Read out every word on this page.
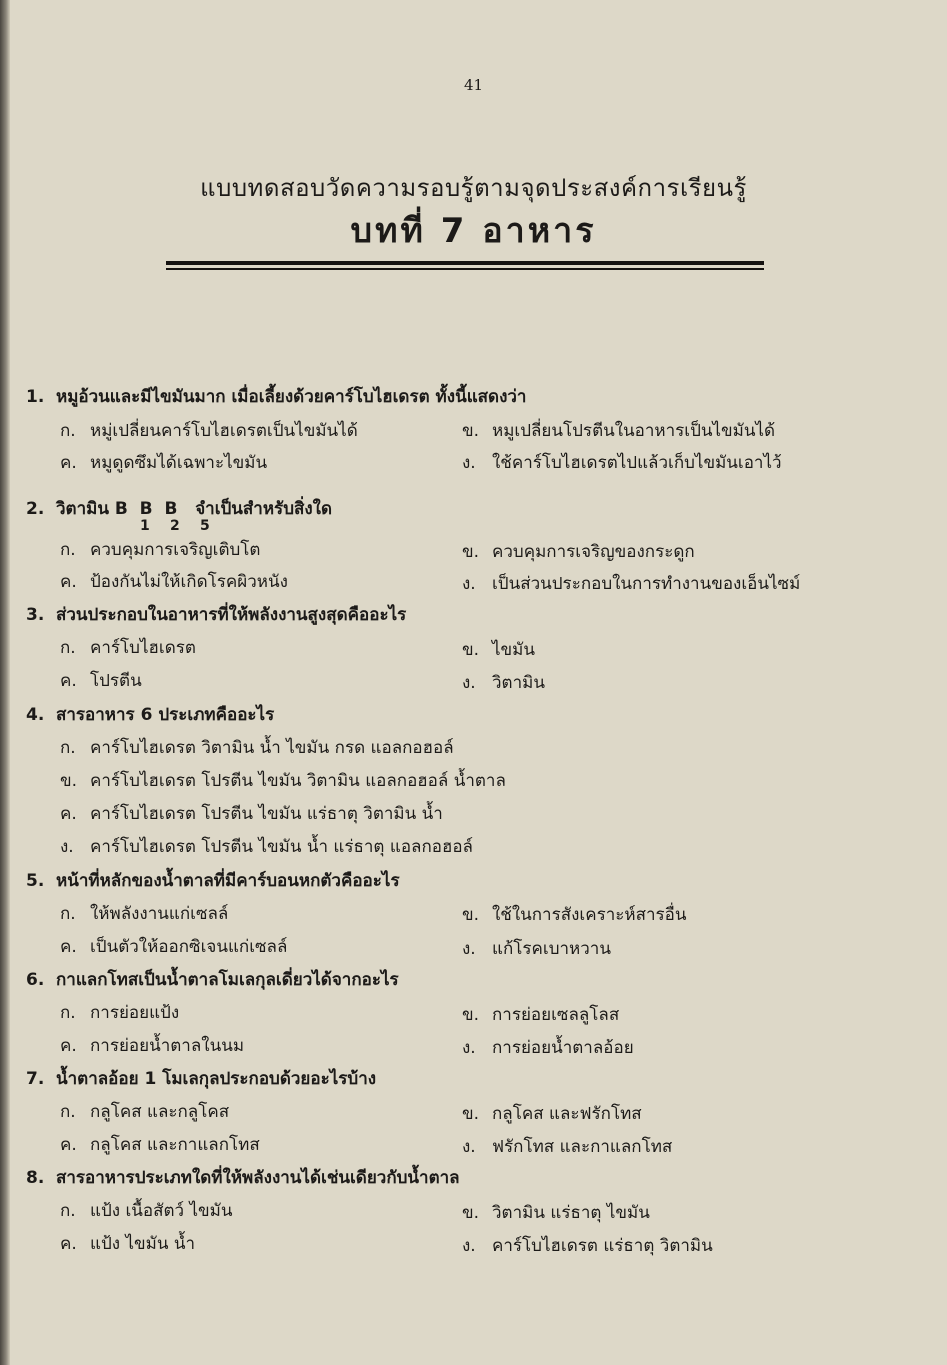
41
แบบทดสอบวัดความรอบรู้ตามจุดประสงค์การเรียนรู้
บทที่ 7 อาหาร
1. หมูอ้วนและมีไขมันมาก เมื่อเลี้ยงด้วยคาร์โบไฮเดรต ทั้งนี้แสดงว่า
ก. หมู่เปลี่ยนคาร์โบไฮเดรตเป็นไขมันได้	ข. หมูเปลี่ยนโปรตีนในอาหารเป็นไขมันได้
ค. หมูดูดซึมได้เฉพาะไขมัน	ง. ใช้คาร์โบไฮเดรตไปแล้วเก็บไขมันเอาไว้
2. วิตามิน B  B  B จำเป็นสำหรับสิ่งใด
1 2 5
ก. ควบคุมการเจริญเติบโต	ข. ควบคุมการเจริญของกระดูก
ค. ป้องกันไม่ให้เกิดโรคผิวหนัง	ง. เป็นส่วนประกอบในการทำงานของเอ็นไซม์
3. ส่วนประกอบในอาหารที่ให้พลังงานสูงสุดคืออะไร
ก. คาร์โบไฮเดรต	ข. ไขมัน
ค. โปรตีน	ง. วิตามิน
4. สารอาหาร 6 ประเภทคืออะไร
ก. คาร์โบไฮเดรต วิตามิน น้ำ ไขมัน กรด แอลกอฮอล์
ข. คาร์โบไฮเดรต โปรตีน ไขมัน วิตามิน แอลกอฮอล์ น้ำตาล
ค. คาร์โบไฮเดรต โปรตีน ไขมัน แร่ธาตุ วิตามิน น้ำ
ง. คาร์โบไฮเดรต โปรตีน ไขมัน น้ำ แร่ธาตุ แอลกอฮอล์
5. หน้าที่หลักของน้ำตาลที่มีคาร์บอนหกตัวคืออะไร
ก. ให้พลังงานแก่เซลล์	ข. ใช้ในการสังเคราะห์สารอื่น
ค. เป็นตัวให้ออกซิเจนแก่เซลล์	ง. แก้โรคเบาหวาน
6. กาแลกโทสเป็นน้ำตาลโมเลกุลเดี่ยวได้จากอะไร
ก. การย่อยแป้ง	ข. การย่อยเซลลูโลส
ค. การย่อยน้ำตาลในนม	ง. การย่อยน้ำตาลอ้อย
7. น้ำตาลอ้อย 1 โมเลกุลประกอบด้วยอะไรบ้าง
ก. กลูโคส และกลูโคส	ข. กลูโคส และฟรักโทส
ค. กลูโคส และกาแลกโทส	ง. ฟรักโทส และกาแลกโทส
8. สารอาหารประเภทใดที่ให้พลังงานได้เช่นเดียวกับน้ำตาล
ก. แป้ง เนื้อสัตว์ ไขมัน	ข. วิตามิน แร่ธาตุ ไขมัน
ค. แป้ง ไขมัน น้ำ	ง. คาร์โบไฮเดรต แร่ธาตุ วิตามิน
